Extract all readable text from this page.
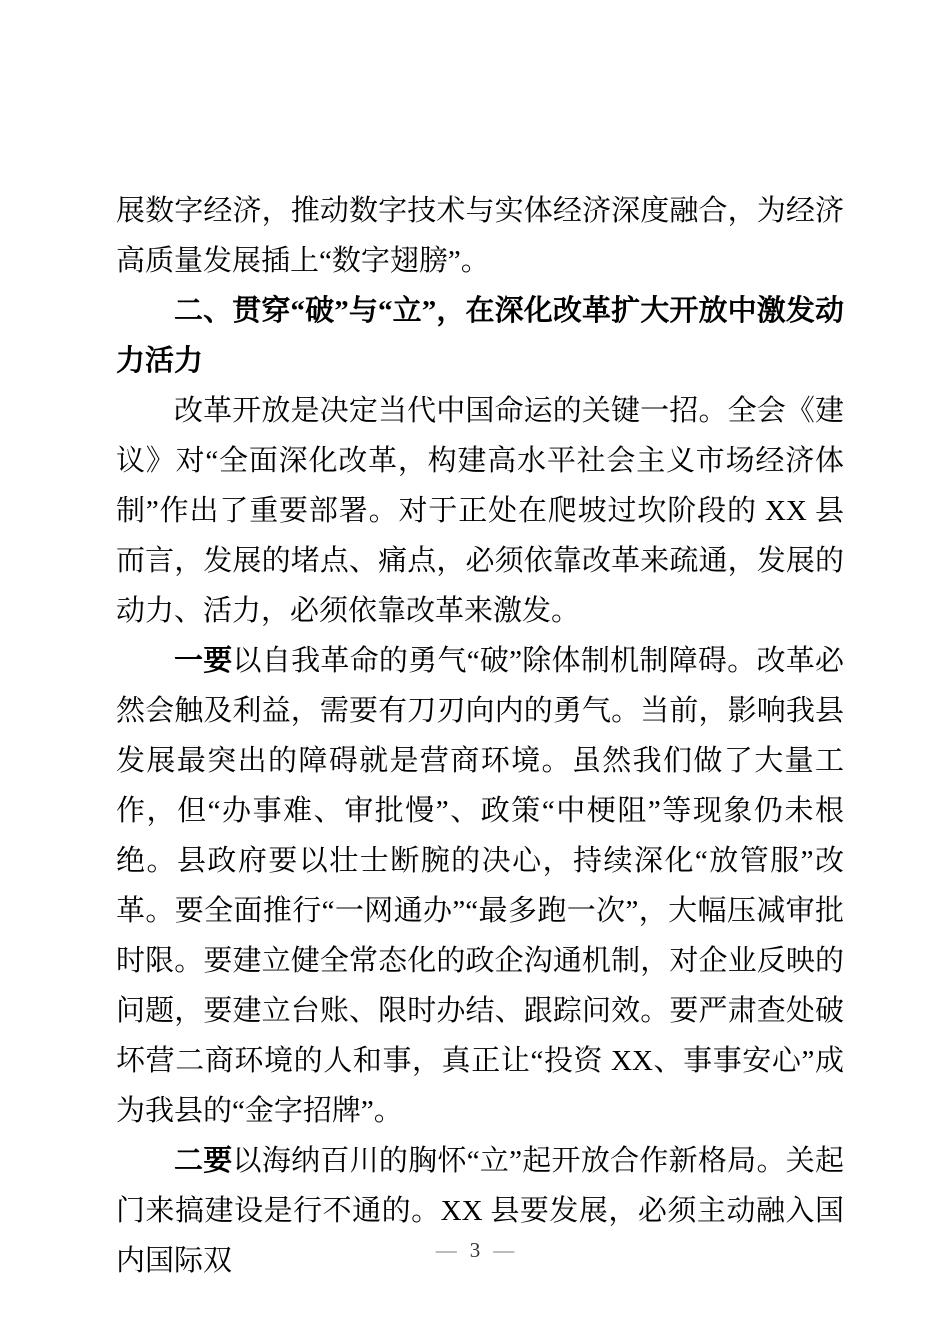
展数字经济，推动数字技术与实体经济深度融合，为经济高质量发展插上“数字翅膀”。

二、贯穿“破”与“立”，在深化改革扩大开放中激发动力活力

改革开放是决定当代中国命运的关键一招。全会《建议》对“全面深化改革，构建高水平社会主义市场经济体制”作出了重要部署。对于正处在爬坡过坎阶段的 XX 县而言，发展的堵点、痛点，必须依靠改革来疏通，发展的动力、活力，必须依靠改革来激发。

一要以自我革命的勇气“破”除体制机制障碍。改革必然会触及利益，需要有刀刃向内的勇气。当前，影响我县发展最突出的障碍就是营商环境。虽然我们做了大量工作，但“办事难、审批慢”、政策“中梗阻”等现象仍未根绝。县政府要以壮士断腕的决心，持续深化“放管服”改革。要全面推行“一网通办”“最多跑一次”，大幅压减审批时限。要建立健全常态化的政企沟通机制，对企业反映的问题，要建立台账、限时办结、跟踪问效。要严肃查处破坏营二商环境的人和事，真正让“投资 XX、事事安心”成为我县的“金字招牌”。

二要以海纳百川的胸怀“立”起开放合作新格局。关起门来搞建设是行不通的。XX 县要发展，必须主动融入国内国际双	— 3 —
